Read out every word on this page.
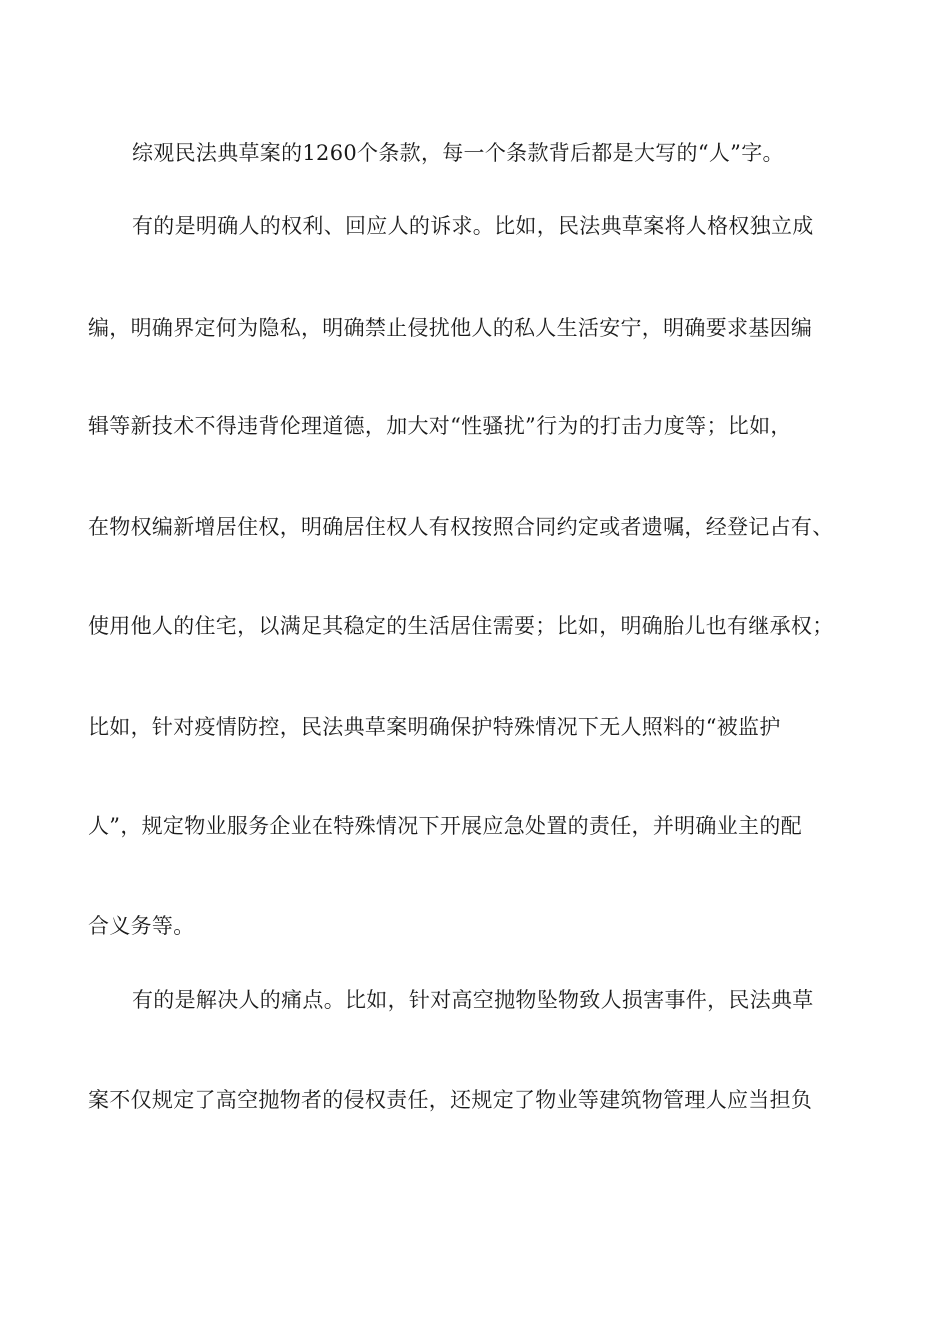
综观民法典草案的1260个条款，每一个条款背后都是大写的“人”字。
有的是明确人的权利、回应人的诉求。比如，民法典草案将人格权独立成
编，明确界定何为隐私，明确禁止侵扰他人的私人生活安宁，明确要求基因编
辑等新技术不得违背伦理道德，加大对“性骚扰”行为的打击力度等；比如，
在物权编新增居住权，明确居住权人有权按照合同约定或者遗嘱，经登记占有、
使用他人的住宅，以满足其稳定的生活居住需要；比如，明确胎儿也有继承权；
比如，针对疫情防控，民法典草案明确保护特殊情况下无人照料的“被监护
人”，规定物业服务企业在特殊情况下开展应急处置的责任，并明确业主的配
合义务等。
有的是解决人的痛点。比如，针对高空抛物坠物致人损害事件，民法典草
案不仅规定了高空抛物者的侵权责任，还规定了物业等建筑物管理人应当担负
